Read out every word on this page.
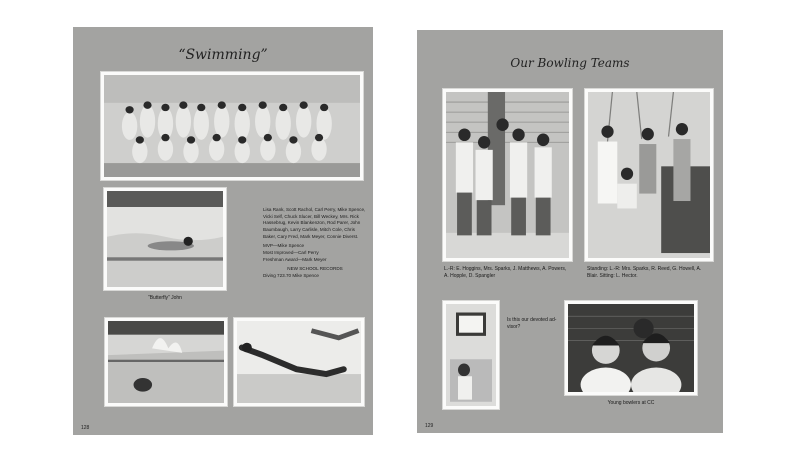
“Swimming”
“Butterfly” John
Lisa Rank, Scott Rachol, Carl Perry, Mike Spence, Vicki Self, Chuck Slucer, Bill Weckey, Mrs. Rick Hassebrug, Kevin Blankenzon, Rod Parer, John Baumbaugh, Larry Carlisle, Mitch Cole, Chris Baker, Cary Fred, Mark Meyer, Connie Diverst.
MVP—Mike Spence
Most Improved—Carl Perry
Freshman Award—Mark Meyer
NEW SCHOOL RECORDS
Diving 723.70 Mike Spence
128
Our Bowling Teams
L.-R: E. Hoggins, Mrs. Sparks, J. Matthews, A. Powers,
A. Hopple, D. Spangler
Standing: L.-R: Mrs. Sparks, R. Reed, G. Howell, A.
Blair. Sitting: L. Hector.
Is this our devoted ad-
visor?
Young bowlers at CC
129
